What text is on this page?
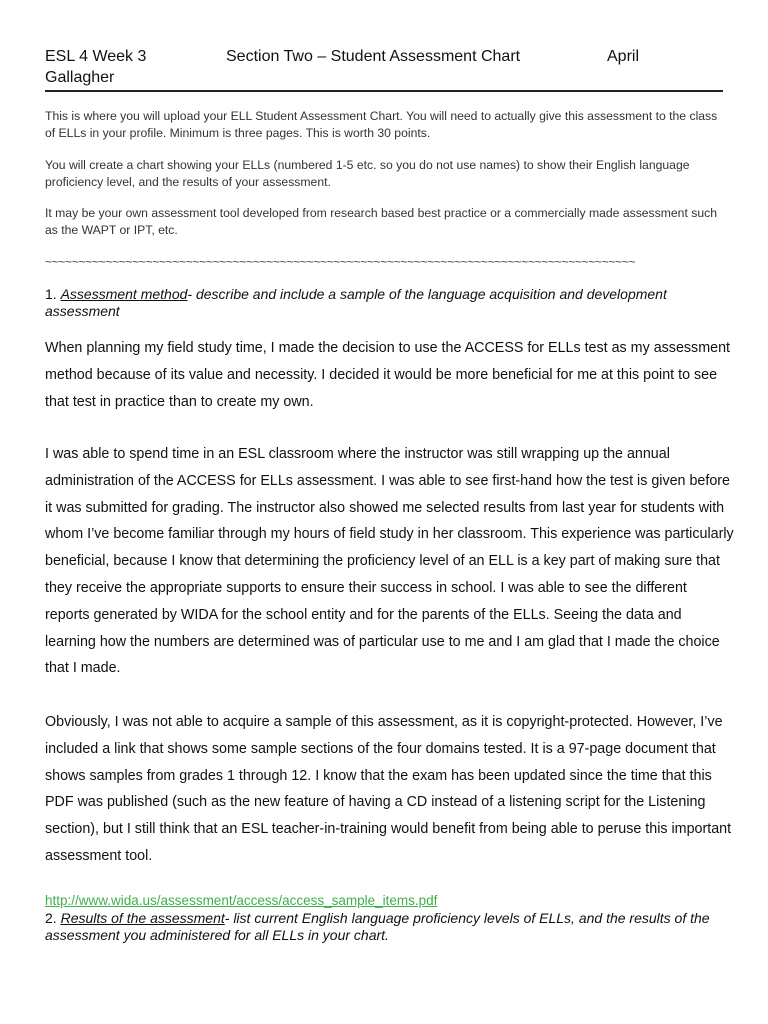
ESL 4 Week 3	Section Two – Student Assessment Chart	April
Gallagher

This is where you will upload your ELL Student Assessment Chart. You will need to actually give this assessment to the class of ELLs in your profile. Minimum is three pages. This is worth 30 points.

You will create a chart showing your ELLs (numbered 1-5 etc. so you do not use names) to show their English language proficiency level, and the results of your assessment.

It may be your own assessment tool developed from research based best practice or a commercially made assessment such as the WAPT or IPT, etc.

~~~~~~~~~~~~~~~~~~~~~~~~~~~~~~~~~~~~~~~~~~~~~~~~~~~~~~~~~~~~~~~~~~~~~~~~~~~~~~~~~~~~~~~~

1. Assessment method- describe and include a sample of the language acquisition and development assessment

When planning my field study time, I made the decision to use the ACCESS for ELLs test as my assessment method because of its value and necessity. I decided it would be more beneficial for me at this point to see that test in practice than to create my own.

I was able to spend time in an ESL classroom where the instructor was still wrapping up the annual administration of the ACCESS for ELLs assessment. I was able to see first-hand how the test is given before it was submitted for grading. The instructor also showed me selected results from last year for students with whom I’ve become familiar through my hours of field study in her classroom. This experience was particularly beneficial, because I know that determining the proficiency level of an ELL is a key part of making sure that they receive the appropriate supports to ensure their success in school. I was able to see the different reports generated by WIDA for the school entity and for the parents of the ELLs. Seeing the data and learning how the numbers are determined was of particular use to me and I am glad that I made the choice that I made.

Obviously, I was not able to acquire a sample of this assessment, as it is copyright-protected. However, I’ve included a link that shows some sample sections of the four domains tested. It is a 97-page document that shows samples from grades 1 through 12. I know that the exam has been updated since the time that this PDF was published (such as the new feature of having a CD instead of a listening script for the Listening section), but I still think that an ESL teacher-in-training would benefit from being able to peruse this important assessment tool.

http://www.wida.us/assessment/access/access_sample_items.pdf

2. Results of the assessment- list current English language proficiency levels of ELLs, and the results of the assessment you administered for all ELLs in your chart.
